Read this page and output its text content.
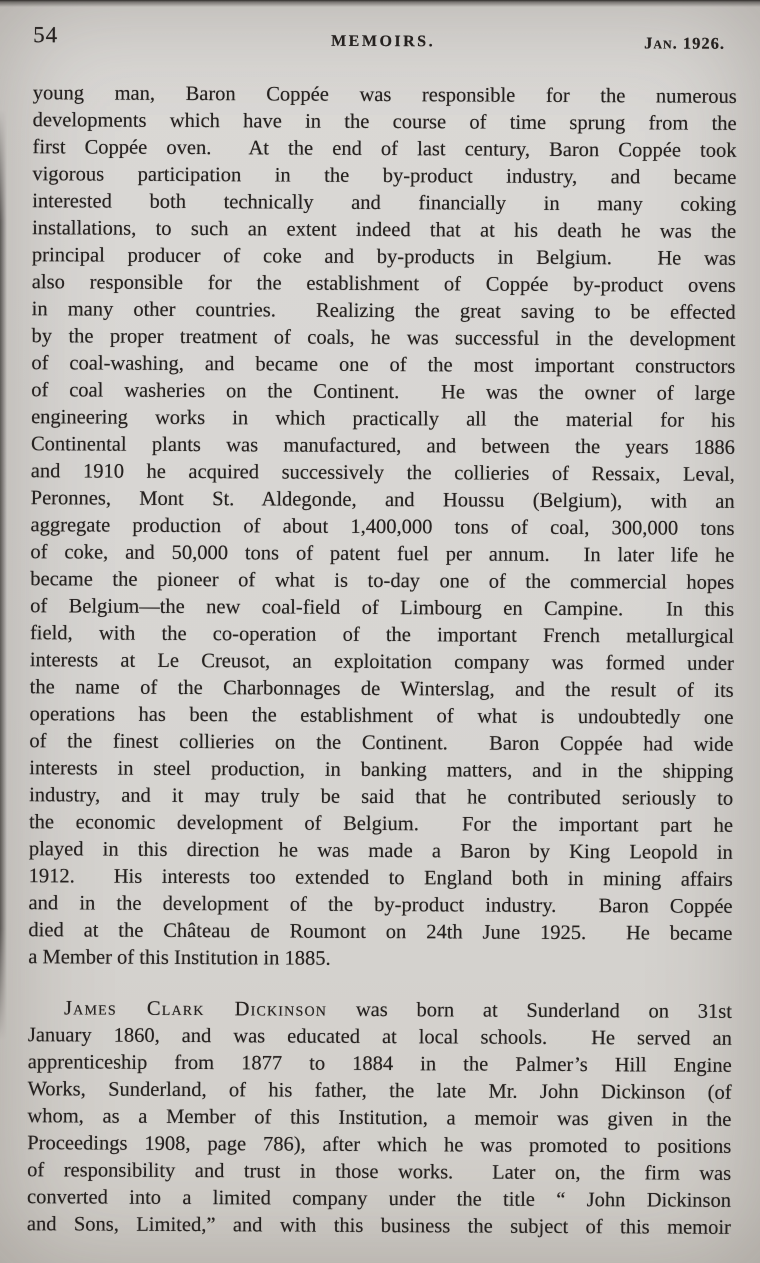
54	MEMOIRS.	Jan. 1926.
young man, Baron Coppée was responsible for the numerous
developments which have in the course of time sprung from the
first Coppée oven.  At the end of last century, Baron Coppée took
vigorous participation in the by-product industry, and became
interested both technically and financially in many coking
installations, to such an extent indeed that at his death he was the
principal producer of coke and by-products in Belgium.  He was
also responsible for the establishment of Coppée by-product ovens
in many other countries.  Realizing the great saving to be effected
by the proper treatment of coals, he was successful in the development
of coal-washing, and became one of the most important constructors
of coal washeries on the Continent.  He was the owner of large
engineering works in which practically all the material for his
Continental plants was manufactured, and between the years 1886
and 1910 he acquired successively the collieries of Ressaix, Leval,
Peronnes, Mont St. Aldegonde, and Houssu (Belgium), with an
aggregate production of about 1,400,000 tons of coal, 300,000 tons
of coke, and 50,000 tons of patent fuel per annum.  In later life he
became the pioneer of what is to-day one of the commercial hopes
of Belgium—the new coal-field of Limbourg en Campine.  In this
field, with the co-operation of the important French metallurgical
interests at Le Creusot, an exploitation company was formed under
the name of the Charbonnages de Winterslag, and the result of its
operations has been the establishment of what is undoubtedly one
of the finest collieries on the Continent.  Baron Coppée had wide
interests in steel production, in banking matters, and in the shipping
industry, and it may truly be said that he contributed seriously to
the economic development of Belgium.  For the important part he
played in this direction he was made a Baron by King Leopold in
1912.  His interests too extended to England both in mining affairs
and in the development of the by-product industry.  Baron Coppée
died at the Château de Roumont on 24th June 1925.  He became
a Member of this Institution in 1885.
James Clark Dickinson was born at Sunderland on 31st
January 1860, and was educated at local schools.  He served an
apprenticeship from 1877 to 1884 in the Palmer’s Hill Engine
Works, Sunderland, of his father, the late Mr. John Dickinson (of
whom, as a Member of this Institution, a memoir was given in the
Proceedings 1908, page 786), after which he was promoted to positions
of responsibility and trust in those works.  Later on, the firm was
converted into a limited company under the title “ John Dickinson
and Sons, Limited,” and with this business the subject of this memoir
